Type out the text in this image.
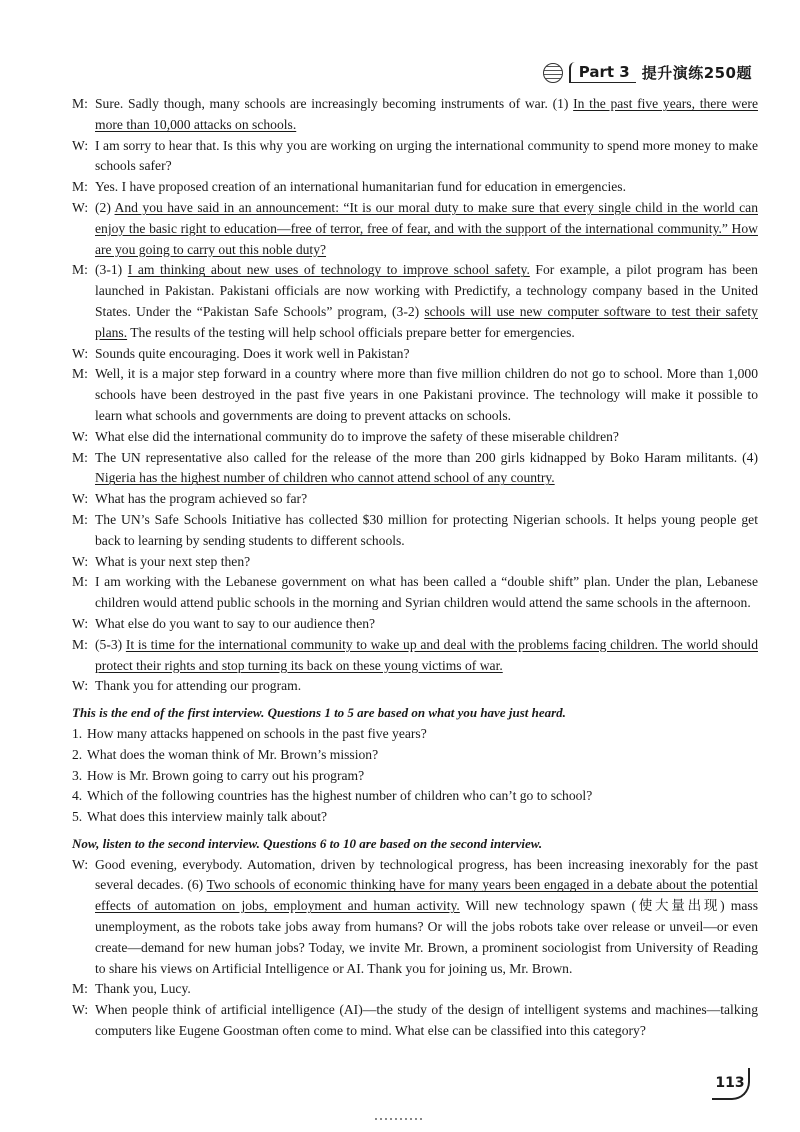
Part 3 提升演练250题

M: Sure. Sadly though, many schools are increasingly becoming instruments of war. (1) In the past five years, there were more than 10,000 attacks on schools.

W: I am sorry to hear that. Is this why you are working on urging the international community to spend more money to make schools safer?

M: Yes. I have proposed creation of an international humanitarian fund for education in emergencies.

W: (2) And you have said in an announcement: “It is our moral duty to make sure that every single child in the world can enjoy the basic right to education—free of terror, free of fear, and with the support of the international community.” How are you going to carry out this noble duty?

M: (3-1) I am thinking about new uses of technology to improve school safety. For example, a pilot program has been launched in Pakistan. Pakistani officials are now working with Predictify, a technology company based in the United States. Under the “Pakistan Safe Schools” program, (3-2) schools will use new computer software to test their safety plans. The results of the testing will help school officials prepare better for emergencies.

W: Sounds quite encouraging. Does it work well in Pakistan?

M: Well, it is a major step forward in a country where more than five million children do not go to school. More than 1,000 schools have been destroyed in the past five years in one Pakistani province. The technology will make it possible to learn what schools and governments are doing to prevent attacks on schools.

W: What else did the international community do to improve the safety of these miserable children?

M: The UN representative also called for the release of the more than 200 girls kidnapped by Boko Haram militants. (4) Nigeria has the highest number of children who cannot attend school of any country.

W: What has the program achieved so far?

M: The UN’s Safe Schools Initiative has collected $30 million for protecting Nigerian schools. It helps young people get back to learning by sending students to different schools.

W: What is your next step then?

M: I am working with the Lebanese government on what has been called a “double shift” plan. Under the plan, Lebanese children would attend public schools in the morning and Syrian children would attend the same schools in the afternoon.

W: What else do you want to say to our audience then?

M: (5-3) It is time for the international community to wake up and deal with the problems facing children. The world should protect their rights and stop turning its back on these young victims of war.

W: Thank you for attending our program.

This is the end of the first interview. Questions 1 to 5 are based on what you have just heard.

1. How many attacks happened on schools in the past five years?

2. What does the woman think of Mr. Brown’s mission?

3. How is Mr. Brown going to carry out his program?

4. Which of the following countries has the highest number of children who can’t go to school?

5. What does this interview mainly talk about?

Now, listen to the second interview. Questions 6 to 10 are based on the second interview.

W: Good evening, everybody. Automation, driven by technological progress, has been increasing inexorably for the past several decades. (6) Two schools of economic thinking have for many years been engaged in a debate about the potential effects of automation on jobs, employment and human activity. Will new technology spawn (使大量出现) mass unemployment, as the robots take jobs away from humans? Or will the jobs robots take over release or unveil—or even create—demand for new human jobs? Today, we invite Mr. Brown, a prominent sociologist from University of Reading to share his views on Artificial Intelligence or AI. Thank you for joining us, Mr. Brown.

M: Thank you, Lucy.

W: When people think of artificial intelligence (AI)—the study of the design of intelligent systems and machines—talking computers like Eugene Goostman often come to mind. What else can be classified into this category?

113
